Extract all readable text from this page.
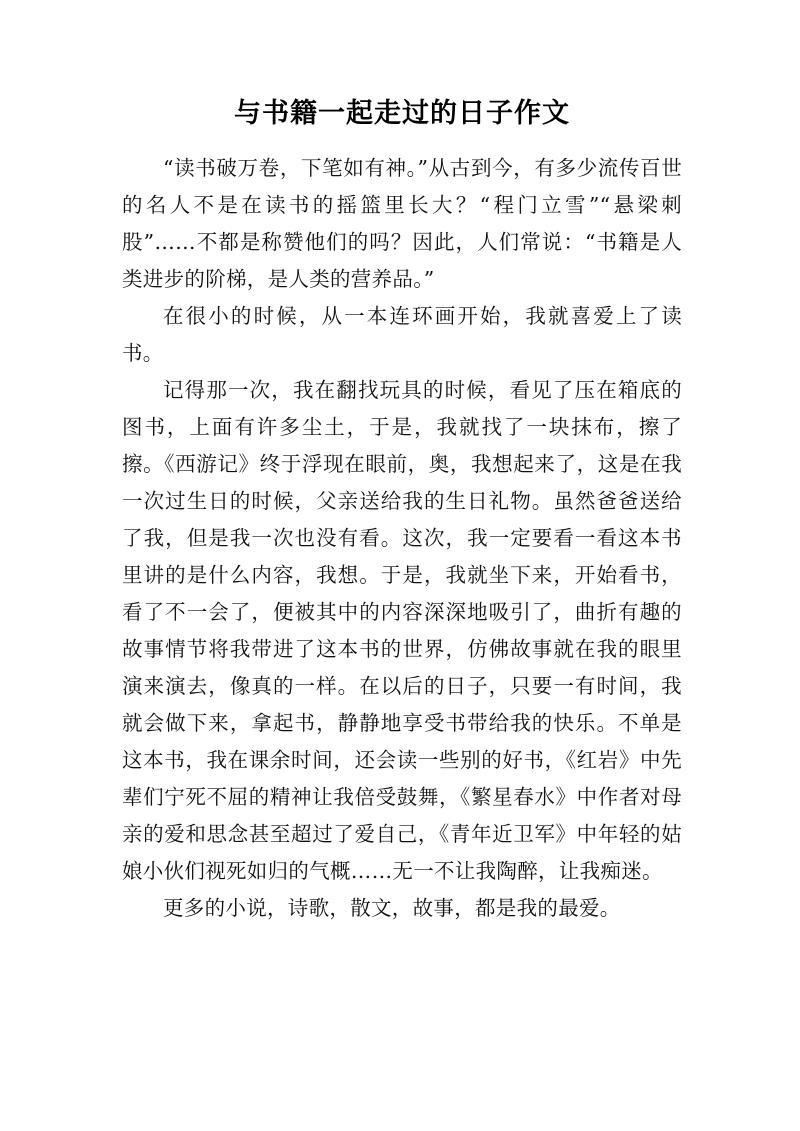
与书籍一起走过的日子作文

“读书破万卷，下笔如有神。”从古到今，有多少流传百世的名人不是在读书的摇篮里长大？“程门立雪”“悬梁刺股”……不都是称赞他们的吗？因此，人们常说：“书籍是人类进步的阶梯，是人类的营养品。”

在很小的时候，从一本连环画开始，我就喜爱上了读书。

记得那一次，我在翻找玩具的时候，看见了压在箱底的图书，上面有许多尘土，于是，我就找了一块抹布，擦了擦。《西游记》终于浮现在眼前，奥，我想起来了，这是在我一次过生日的时候，父亲送给我的生日礼物。虽然爸爸送给了我，但是我一次也没有看。这次，我一定要看一看这本书里讲的是什么内容，我想。于是，我就坐下来，开始看书，看了不一会了，便被其中的内容深深地吸引了，曲折有趣的故事情节将我带进了这本书的世界，仿佛故事就在我的眼里演来演去，像真的一样。在以后的日子，只要一有时间，我就会做下来，拿起书，静静地享受书带给我的快乐。不单是这本书，我在课余时间，还会读一些别的好书，《红岩》中先辈们宁死不屈的精神让我倍受鼓舞，《繁星春水》中作者对母亲的爱和思念甚至超过了爱自己，《青年近卫军》中年轻的姑娘小伙们视死如归的气概……无一不让我陶醉，让我痴迷。

更多的小说，诗歌，散文，故事，都是我的最爱。
